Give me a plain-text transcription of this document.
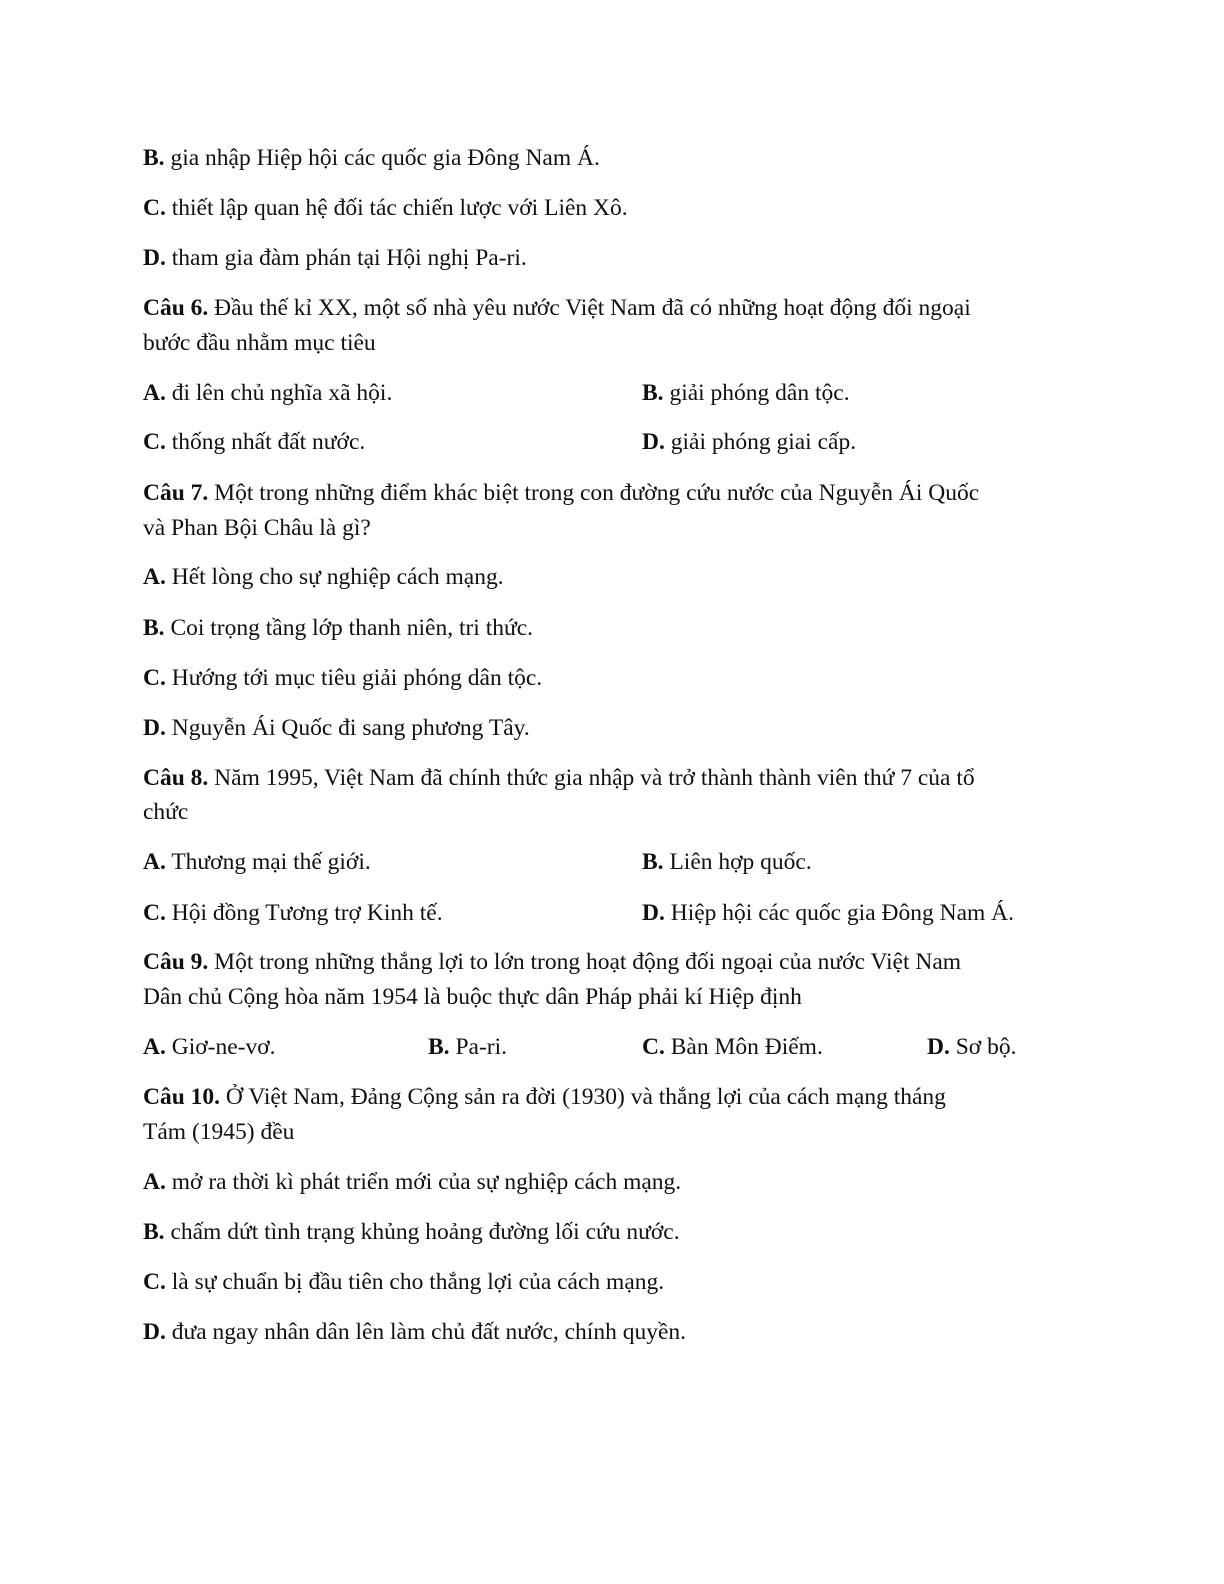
B. gia nhập Hiệp hội các quốc gia Đông Nam Á.
C. thiết lập quan hệ đối tác chiến lược với Liên Xô.
D. tham gia đàm phán tại Hội nghị Pa-ri.
Câu 6. Đầu thế kỉ XX, một số nhà yêu nước Việt Nam đã có những hoạt động đối ngoại
bước đầu nhằm mục tiêu
A. đi lên chủ nghĩa xã hội.	B. giải phóng dân tộc.
C. thống nhất đất nước.	D. giải phóng giai cấp.
Câu 7. Một trong những điểm khác biệt trong con đường cứu nước của Nguyễn Ái Quốc
và Phan Bội Châu là gì?
A. Hết lòng cho sự nghiệp cách mạng.
B. Coi trọng tầng lớp thanh niên, tri thức.
C. Hướng tới mục tiêu giải phóng dân tộc.
D. Nguyễn Ái Quốc đi sang phương Tây.
Câu 8. Năm 1995, Việt Nam đã chính thức gia nhập và trở thành thành viên thứ 7 của tổ
chức
A. Thương mại thế giới.	B. Liên hợp quốc.
C. Hội đồng Tương trợ Kinh tế.	D. Hiệp hội các quốc gia Đông Nam Á.
Câu 9. Một trong những thắng lợi to lớn trong hoạt động đối ngoại của nước Việt Nam
Dân chủ Cộng hòa năm 1954 là buộc thực dân Pháp phải kí Hiệp định
A. Giơ-ne-vơ.	B. Pa-ri.	C. Bàn Môn Điếm.	D. Sơ bộ.
Câu 10. Ở Việt Nam, Đảng Cộng sản ra đời (1930) và thắng lợi của cách mạng tháng
Tám (1945) đều
A. mở ra thời kì phát triển mới của sự nghiệp cách mạng.
B. chấm dứt tình trạng khủng hoảng đường lối cứu nước.
C. là sự chuẩn bị đầu tiên cho thắng lợi của cách mạng.
D. đưa ngay nhân dân lên làm chủ đất nước, chính quyền.
